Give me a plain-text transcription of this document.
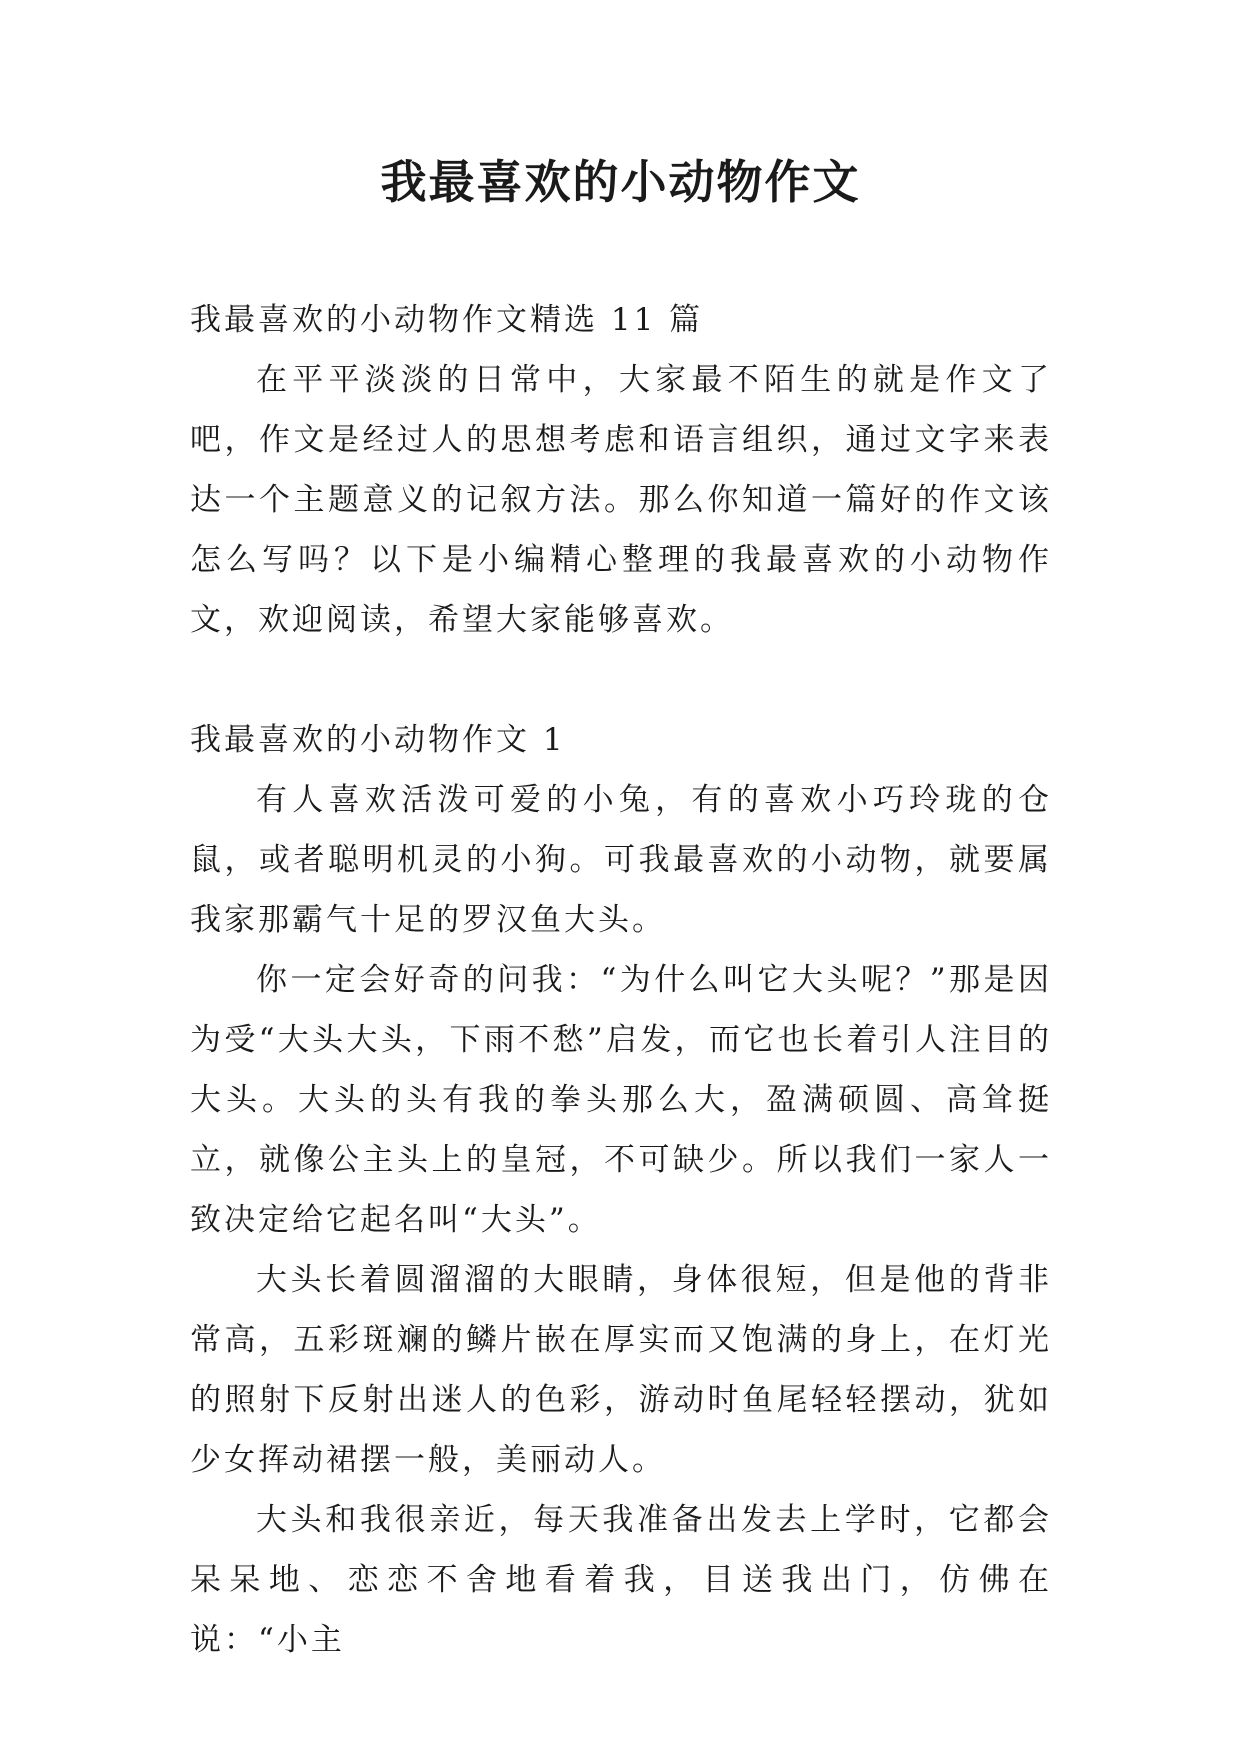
我最喜欢的小动物作文

我最喜欢的小动物作文精选 11 篇

在平平淡淡的日常中，大家最不陌生的就是作文了吧，作文是经过人的思想考虑和语言组织，通过文字来表达一个主题意义的记叙方法。那么你知道一篇好的作文该怎么写吗？以下是小编精心整理的我最喜欢的小动物作文，欢迎阅读，希望大家能够喜欢。

我最喜欢的小动物作文 1

有人喜欢活泼可爱的小兔，有的喜欢小巧玲珑的仓鼠，或者聪明机灵的小狗。可我最喜欢的小动物，就要属我家那霸气十足的罗汉鱼大头。

你一定会好奇的问我：“为什么叫它大头呢？”那是因为受“大头大头，下雨不愁”启发，而它也长着引人注目的大头。大头的头有我的拳头那么大，盈满硕圆、高耸挺立，就像公主头上的皇冠，不可缺少。所以我们一家人一致决定给它起名叫“大头”。

大头长着圆溜溜的大眼睛，身体很短，但是他的背非常高，五彩斑斓的鳞片嵌在厚实而又饱满的身上，在灯光的照射下反射出迷人的色彩，游动时鱼尾轻轻摆动，犹如少女挥动裙摆一般，美丽动人。

大头和我很亲近，每天我准备出发去上学时，它都会呆呆地、恋恋不舍地看着我，目送我出门，仿佛在说：“小主
